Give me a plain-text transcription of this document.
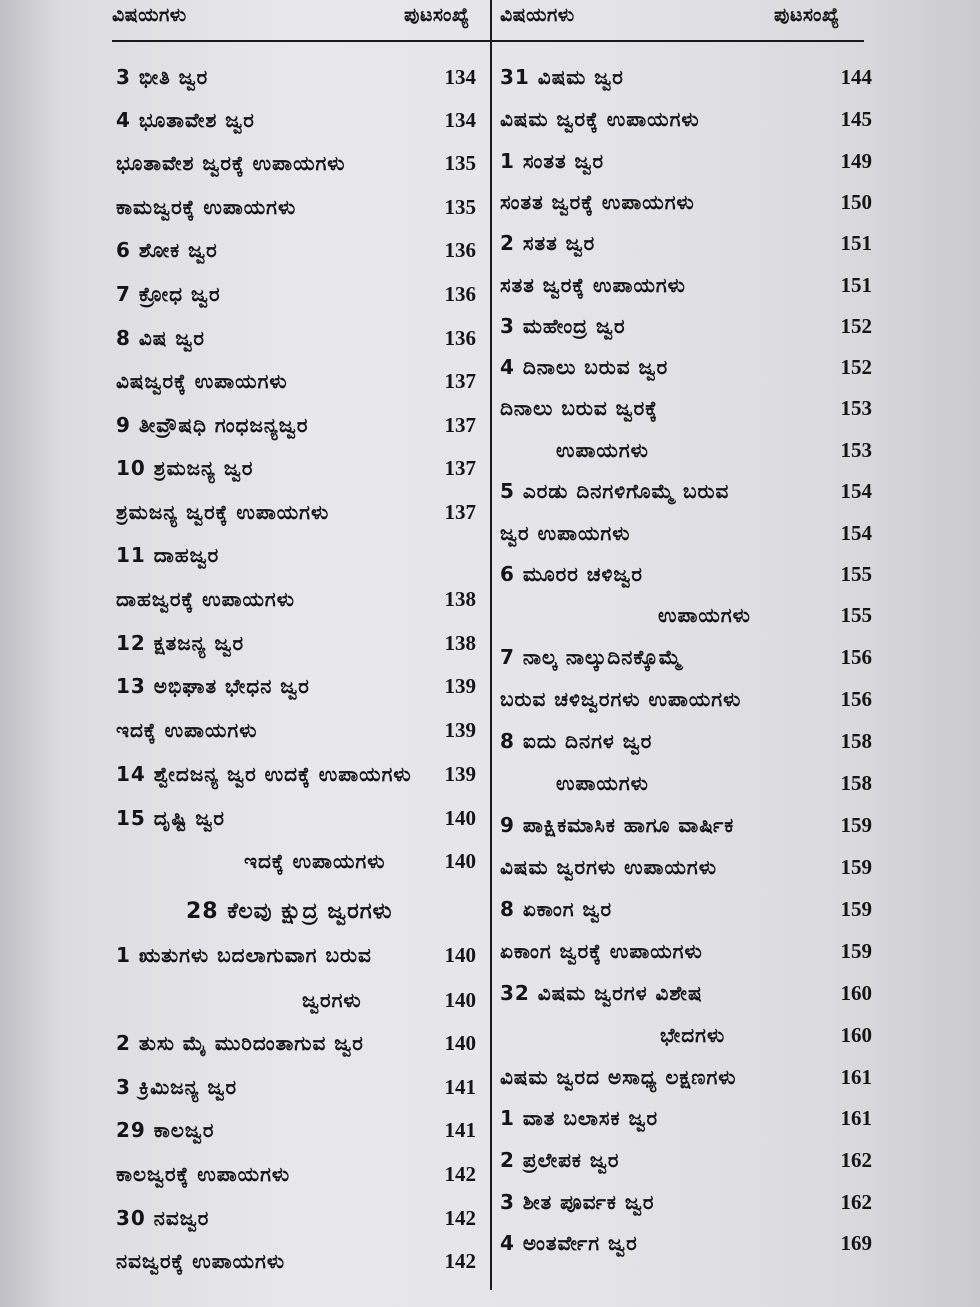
ವಿಷಯಗಳು	ಪುಟಸಂಖ್ಯೆ ವಿಷಯಗಳು	ಪುಟಸಂಖ್ಯೆ
3 ಭೀತಿ ಜ್ವರ	134
4 ಭೂತಾವೇಶ ಜ್ವರ	134
ಭೂತಾವೇಶ ಜ್ವರಕ್ಕೆ ಉಪಾಯಗಳು	135
ಕಾಮಜ್ವರಕ್ಕೆ ಉಪಾಯಗಳು	135
6 ಶೋಕ ಜ್ವರ	136
7 ಕ್ರೋಧ ಜ್ವರ	136
8 ವಿಷ ಜ್ವರ	136
ವಿಷಜ್ವರಕ್ಕೆ ಉಪಾಯಗಳು	137
9 ತೀವ್ರೌಷಧಿ ಗಂಧಜನ್ಯಜ್ವರ	137
10 ಶ್ರಮಜನ್ಯ ಜ್ವರ	137
ಶ್ರಮಜನ್ಯ ಜ್ವರಕ್ಕೆ ಉಪಾಯಗಳು	137
11 ದಾಹಜ್ವರ
ದಾಹಜ್ವರಕ್ಕೆ ಉಪಾಯಗಳು	138
12 ಕ್ಷತಜನ್ಯ ಜ್ವರ	138
13 ಅಭಿಘಾತ ಭೇಧನ ಜ್ವರ	139
ಇದಕ್ಕೆ ಉಪಾಯಗಳು	139
14 ಶ್ವೇದಜನ್ಯ ಜ್ವರ ಉದಕ್ಕೆ ಉಪಾಯಗಳು 139
15 ದೃಷ್ಟಿ ಜ್ವರ	140
ಇದಕ್ಕೆ ಉಪಾಯಗಳು	140
28 ಕೆಲವು ಕ್ಷುದ್ರ ಜ್ವರಗಳು
1 ಋತುಗಳು ಬದಲಾಗುವಾಗ ಬರುವ	140
ಜ್ವರಗಳು	140
2 ತುಸು ಮೈ ಮುರಿದಂತಾಗುವ ಜ್ವರ	140
3 ಕ್ರಿಮಿಜನ್ಯ ಜ್ವರ	141
29 ಕಾಲಜ್ವರ	141
ಕಾಲಜ್ವರಕ್ಕೆ ಉಪಾಯಗಳು	142
30 ನವಜ್ವರ	142
ನವಜ್ವರಕ್ಕೆ ಉಪಾಯಗಳು	142
31 ವಿಷಮ ಜ್ವರ	144
ವಿಷಮ ಜ್ವರಕ್ಕೆ ಉಪಾಯಗಳು	145
1 ಸಂತತ ಜ್ವರ	149
ಸಂತತ ಜ್ವರಕ್ಕೆ ಉಪಾಯಗಳು	150
2 ಸತತ ಜ್ವರ	151
ಸತತ ಜ್ವರಕ್ಕೆ ಉಪಾಯಗಳು	151
3 ಮಹೇಂದ್ರ ಜ್ವರ	152
4 ದಿನಾಲು ಬರುವ ಜ್ವರ	152
ದಿನಾಲು ಬರುವ ಜ್ವರಕ್ಕೆ	153
ಉಪಾಯಗಳು	153
5 ಎರಡು ದಿನಗಳಿಗೊಮ್ಮೆ ಬರುವ	154
ಜ್ವರ ಉಪಾಯಗಳು	154
6 ಮೂರರ ಚಳಿಜ್ವರ	155
ಉಪಾಯಗಳು	155
7 ನಾಲ್ಕ ನಾಲ್ಕುದಿನಕ್ಕೊಮ್ಮೆ	156
ಬರುವ ಚಳಿಜ್ವರಗಳು ಉಪಾಯಗಳು	156
8 ಐದು ದಿನಗಳ ಜ್ವರ	158
ಉಪಾಯಗಳು	158
9 ಪಾಕ್ಷಿಕಮಾಸಿಕ ಹಾಗೂ ವಾರ್ಷಿಕ	159
ವಿಷಮ ಜ್ವರಗಳು ಉಪಾಯಗಳು	159
8 ಏಕಾಂಗ ಜ್ವರ	159
ಏಕಾಂಗ ಜ್ವರಕ್ಕೆ ಉಪಾಯಗಳು	159
32 ವಿಷಮ ಜ್ವರಗಳ ವಿಶೇಷ	160
ಭೇದಗಳು	160
ವಿಷಮ ಜ್ವರದ ಅಸಾಧ್ಯ ಲಕ್ಷಣಗಳು	161
1 ವಾತ ಬಲಾಸಕ ಜ್ವರ	161
2 ಪ್ರಲೇಪಕ ಜ್ವರ	162
3 ಶೀತ ಪೂರ್ವಕ ಜ್ವರ	162
4 ಅಂತರ್ವೇಗ ಜ್ವರ	169
